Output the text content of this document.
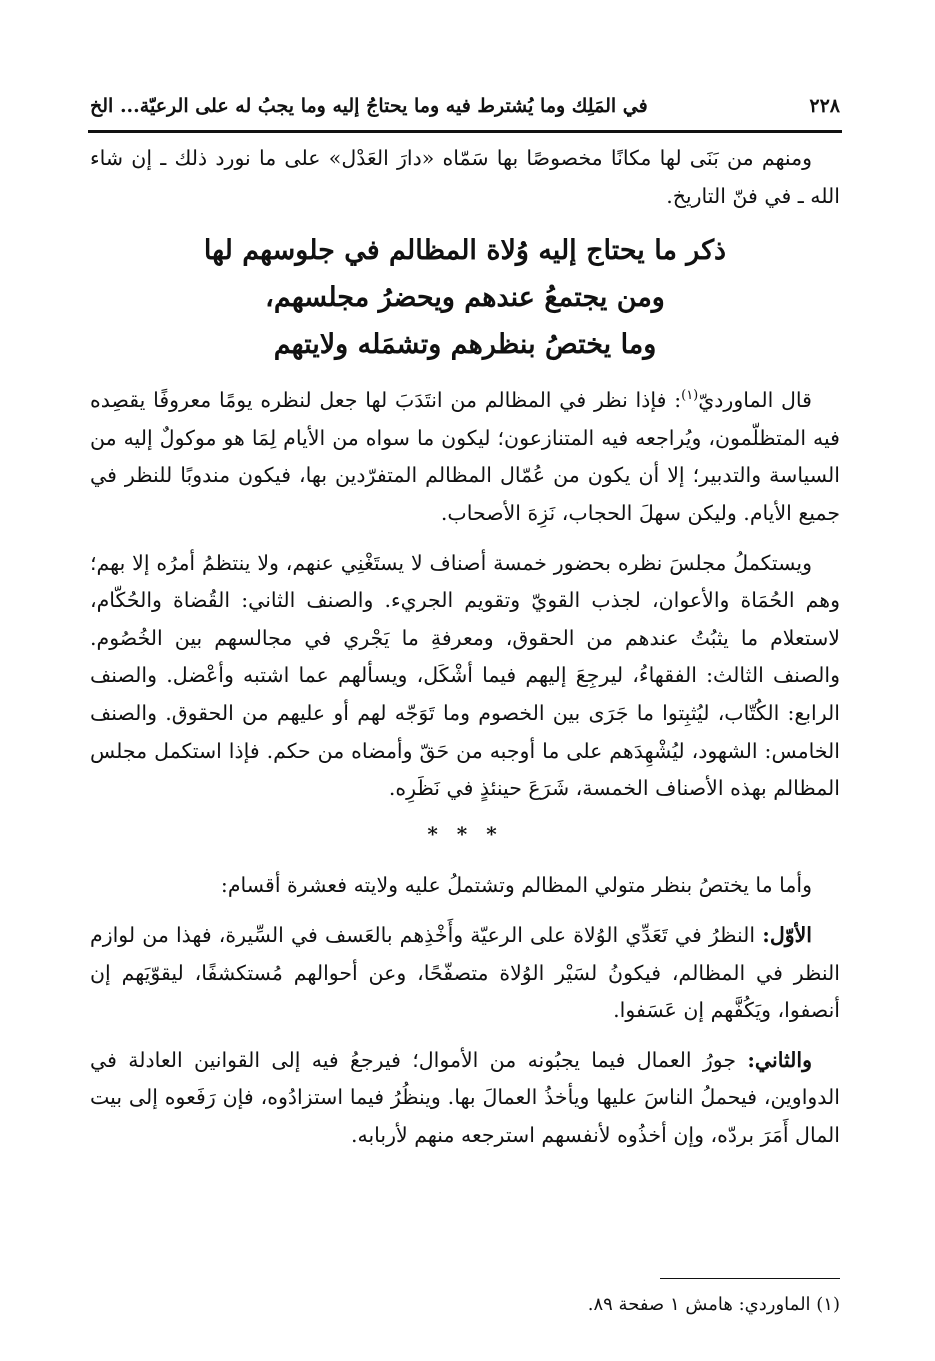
٢٢٨
في المَلِك وما يُشترط فيه وما يحتاجُ إليه وما يجبُ له على الرعيّة... الخ

ومنهم من بَنَى لها مكانًا مخصوصًا بها سَمّاه «دارَ العَدْل» على ما نورد ذلك ـ إن شاء الله ـ في فنّ التاريخ.

ذكر ما يحتاج إليه وُلاة المظالم في جلوسهم لها
ومن يجتمعُ عندهم ويحضرُ مجلسهم،
وما يختصُ بنظرهم وتشمَله ولايتهم

قال الماورديّ$^{(١)}$: فإذا نظر في المظالم من انتَدَبَ لها جعل لنظره يومًا معروفًا يقصِده فيه المتظلّمون، ويُراجعه فيه المتنازعون؛ ليكون ما سواه من الأيام لِمَا هو موكولٌ إليه من السياسة والتدبير؛ إلا أن يكون من عُمّال المظالم المتفرّدين بها، فيكون مندوبًا للنظر في جميع الأيام. وليكن سهلَ الحجاب، نَزِهَ الأصحاب.

ويستكملُ مجلسَ نظره بحضور خمسة أصناف لا يستَغْنِي عنهم، ولا ينتظمُ أمرُه إلا بهم؛ وهم الحُمَاة والأعوان، لجذب القويّ وتقويم الجريء. والصنف الثاني: القُضاة والحُكّام، لاستعلام ما يثبُتُ عندهم من الحقوق، ومعرفةِ ما يَجْري في مجالسهم بين الخُصُوم. والصنف الثالث: الفقهاءُ، ليرجِعَ إليهم فيما أشْكَل، ويسألهم عما اشتبه وأعْضل. والصنف الرابع: الكُتّاب، ليُثبِتوا ما جَرَى بين الخصوم وما تَوَجّه لهم أو عليهم من الحقوق. والصنف الخامس: الشهود، ليُشْهِدَهم على ما أوجبه من حَقّ وأمضاه من حكم. فإذا استكمل مجلس المظالم بهذه الأصناف الخمسة، شَرَعَ حينئذٍ في نَظَرِه.

* * *

وأما ما يختصُ بنظر متولي المظالم وتشتملُ عليه ولايته فعشرة أقسام:

الأوّل: النظرُ في تَعَدِّي الوُلاة على الرعيّة وأَخْذِهم بالعَسف في السِّيرة، فهذا من لوازم النظر في المظالم، فيكونُ لسَيْر الوُلاة متصفّحًا، وعن أحوالهم مُستكشفًا، ليقوّيَهم إن أنصفوا، ويَكُفَّهم إن عَسَفوا.

والثاني: جورُ العمال فيما يجبُونه من الأموال؛ فيرجعُ فيه إلى القوانين العادلة في الدواوين، فيحملُ الناسَ عليها ويأخذُ العمالَ بها. وينظُرُ فيما استزادُوه، فإن رَفَعوه إلى بيت المال أَمَرَ بردّه، وإن أخذُوه لأنفسهم استرجعه منهم لأربابه.

(١) الماوردي: هامش ١ صفحة ٨٩.
